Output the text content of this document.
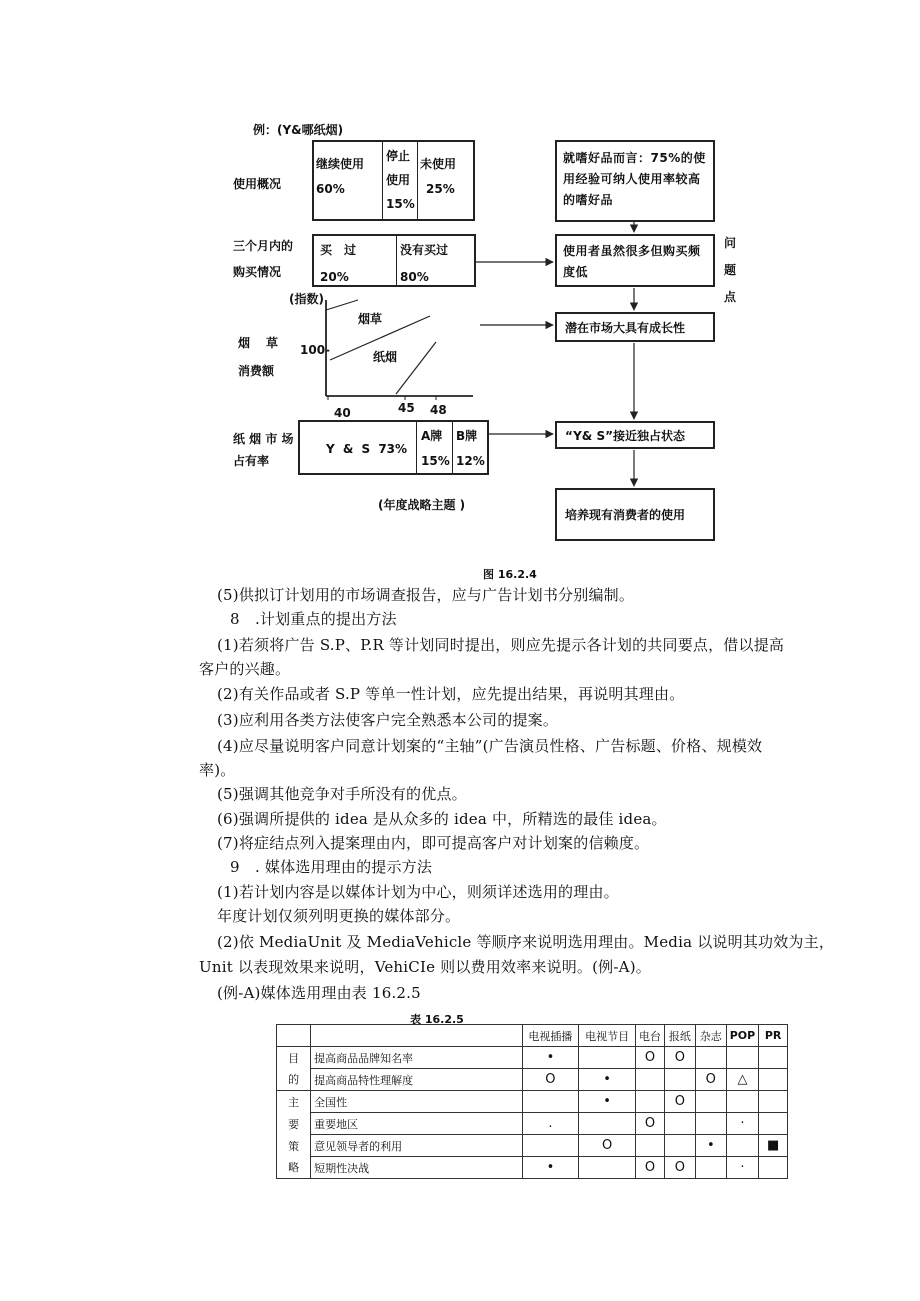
例：(Y&哪纸烟)
使用概况
继续使用
60%
停止
使用
15%
未使用
25%
三个月内的
购买情况
买　过
20%
没有买过
80%
烟　草
消费额
(指数)
100-
烟草
纸烟
40	45 48
纸 烟 市 场
占有率
Y & S 73%
A牌
15%
B牌
12%
(年度战略主题 )
就嗜好品而言：75%的使用经验可纳人使用率较高的嗜好品
使用者虽然很多但购买频度低
潜在市场大具有成长性
“Y& S”接近独占状态
培养现有消费者的使用
问
题
点
图 16.2.4
(5)供拟订计划用的市场调查报告，应与广告计划书分别编制。
8　.计划重点的提出方法
(1)若须将广告 S.P、P.R 等计划同时提出，则应先提示各计划的共同要点，借以提高
客户的兴趣。
(2)有关作品或者 S.P 等单一性计划，应先提出结果，再说明其理由。
(3)应利用各类方法使客户完全熟悉本公司的提案。
(4)应尽量说明客户同意计划案的“主轴”(广告演员性格、广告标题、价格、规模效
率)。
(5)强调其他竞争对手所没有的优点。
(6)强调所提供的 idea 是从众多的 idea 中，所精选的最佳 idea。
(7)将症结点列入提案理由内，即可提高客户对计划案的信赖度。
9　. 媒体选用理由的提示方法
(1)若计划内容是以媒体计划为中心，则须详述选用的理由。
年度计划仅须列明更换的媒体部分。
(2)依 MediaUnit 及 MediaVehicle 等顺序来说明选用理由。Media 以说明其功效为主，
Unit 以表现效果来说明，VehiCIe 则以费用效率来说明。(例-A)。
(例-A)媒体选用理由表 16.2.5
表 16.2.5
		电视插播	电视节目	电台	报纸	杂志	POP	PR
目	提高商品品牌知名率	•		O	O			
的	提高商品特性理解度	O	•			O	△	
主	全国性		•		O			
要	重要地区	.		O			·	
策	意见领导者的利用		O			•		■
略	短期性决战	•		O	O		·	
